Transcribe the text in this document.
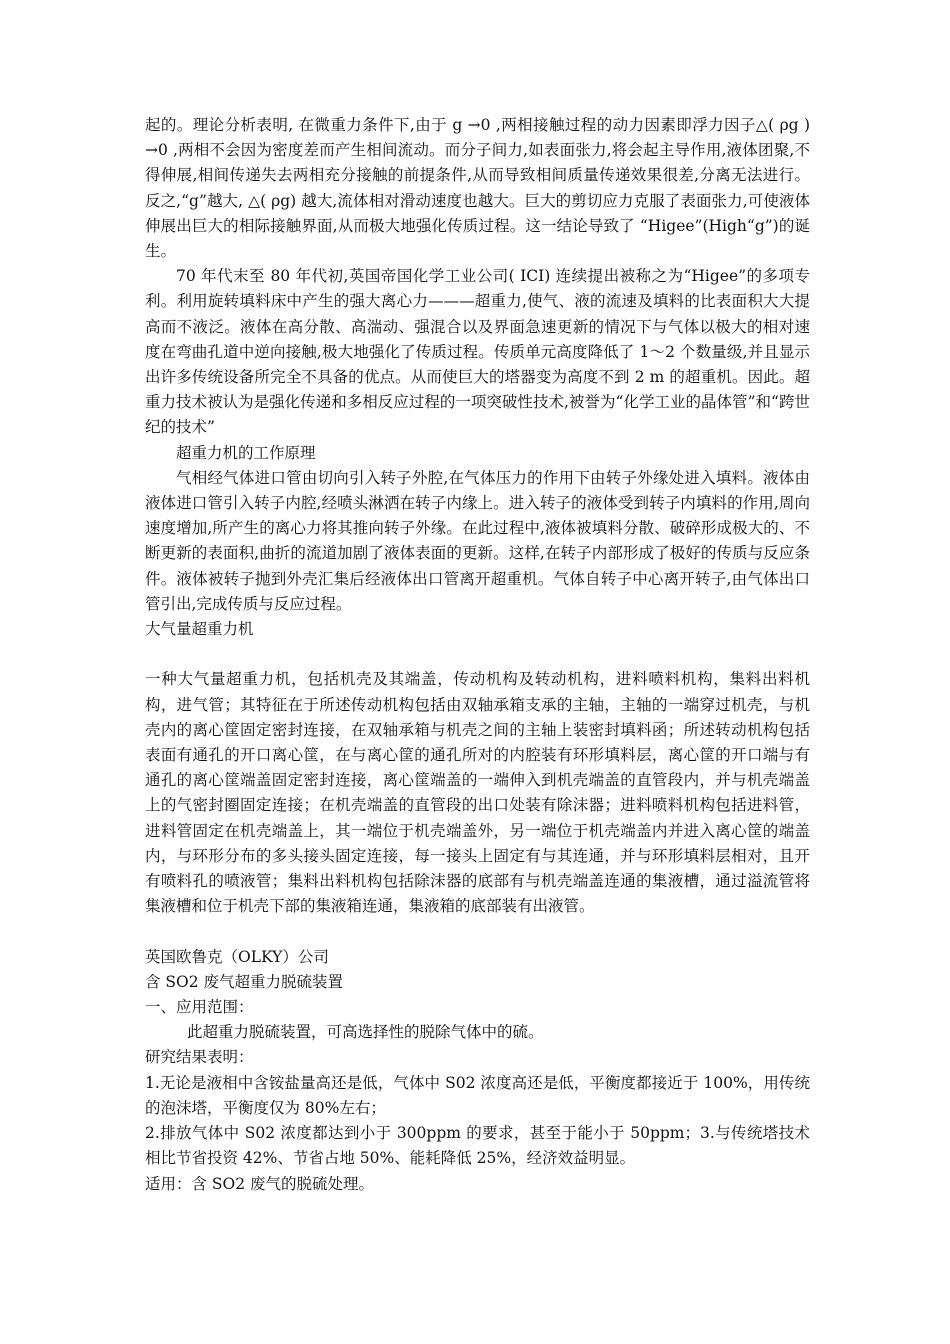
起的。理论分析表明, 在微重力条件下,由于 g →0 ,两相接触过程的动力因素即浮力因子△( ρg ) →0 ,两相不会因为密度差而产生相间流动。而分子间力,如表面张力,将会起主导作用,液体团聚,不得伸展,相间传递失去两相充分接触的前提条件,从而导致相间质量传递效果很差,分离无法进行。反之,“g”越大, △( ρg) 越大,流体相对滑动速度也越大。巨大的剪切应力克服了表面张力,可使液体伸展出巨大的相际接触界面,从而极大地强化传质过程。这一结论导致了 “Higee”(High“g”)的诞生。

70 年代末至 80 年代初,英国帝国化学工业公司( ICI) 连续提出被称之为“Higee”的多项专利。利用旋转填料床中产生的强大离心力———超重力,使气、液的流速及填料的比表面积大大提高而不液泛。液体在高分散、高湍动、强混合以及界面急速更新的情况下与气体以极大的相对速度在弯曲孔道中逆向接触,极大地强化了传质过程。传质单元高度降低了 1～2 个数量级,并且显示出许多传统设备所完全不具备的优点。从而使巨大的塔器变为高度不到 2 m 的超重机。因此。超重力技术被认为是强化传递和多相反应过程的一项突破性技术,被誉为“化学工业的晶体管”和“跨世纪的技术”

超重力机的工作原理

气相经气体进口管由切向引入转子外腔,在气体压力的作用下由转子外缘处进入填料。液体由液体进口管引入转子内腔,经喷头淋洒在转子内缘上。进入转子的液体受到转子内填料的作用,周向速度增加,所产生的离心力将其推向转子外缘。在此过程中,液体被填料分散、破碎形成极大的、不断更新的表面积,曲折的流道加剧了液体表面的更新。这样,在转子内部形成了极好的传质与反应条件。液体被转子抛到外壳汇集后经液体出口管离开超重机。气体自转子中心离开转子,由气体出口管引出,完成传质与反应过程。

大气量超重力机

一种大气量超重力机，包括机壳及其端盖，传动机构及转动机构，进料喷料机构，集料出料机构，进气管；其特征在于所述传动机构包括由双轴承箱支承的主轴，主轴的一端穿过机壳，与机壳内的离心筐固定密封连接，在双轴承箱与机壳之间的主轴上装密封填料函；所述转动机构包括表面有通孔的开口离心筐，在与离心筐的通孔所对的内腔装有环形填料层，离心筐的开口端与有通孔的离心筐端盖固定密封连接，离心筐端盖的一端伸入到机壳端盖的直管段内，并与机壳端盖上的气密封圈固定连接；在机壳端盖的直管段的出口处装有除沫器；进料喷料机构包括进料管，进料管固定在机壳端盖上，其一端位于机壳端盖外，另一端位于机壳端盖内并进入离心筐的端盖内，与环形分布的多头接头固定连接，每一接头上固定有与其连通，并与环形填料层相对，且开有喷料孔的喷液管；集料出料机构包括除沫器的底部有与机壳端盖连通的集液槽，通过溢流管将集液槽和位于机壳下部的集液箱连通，集液箱的底部装有出液管。

英国欧鲁克（OLKY）公司

含 SO2 废气超重力脱硫装置

一、应用范围：

此超重力脱硫装置，可高选择性的脱除气体中的硫。

研究结果表明：

1.无论是液相中含铵盐量高还是低，气体中 S02 浓度高还是低，平衡度都接近于 100%，用传统的泡沫塔，平衡度仅为 80%左右；

2.排放气体中 S02 浓度都达到小于 300ppm 的要求，甚至于能小于 50ppm；3.与传统塔技术相比节省投资 42%、节省占地 50%、能耗降低 25%，经济效益明显。

适用：含 SO2 废气的脱硫处理。
